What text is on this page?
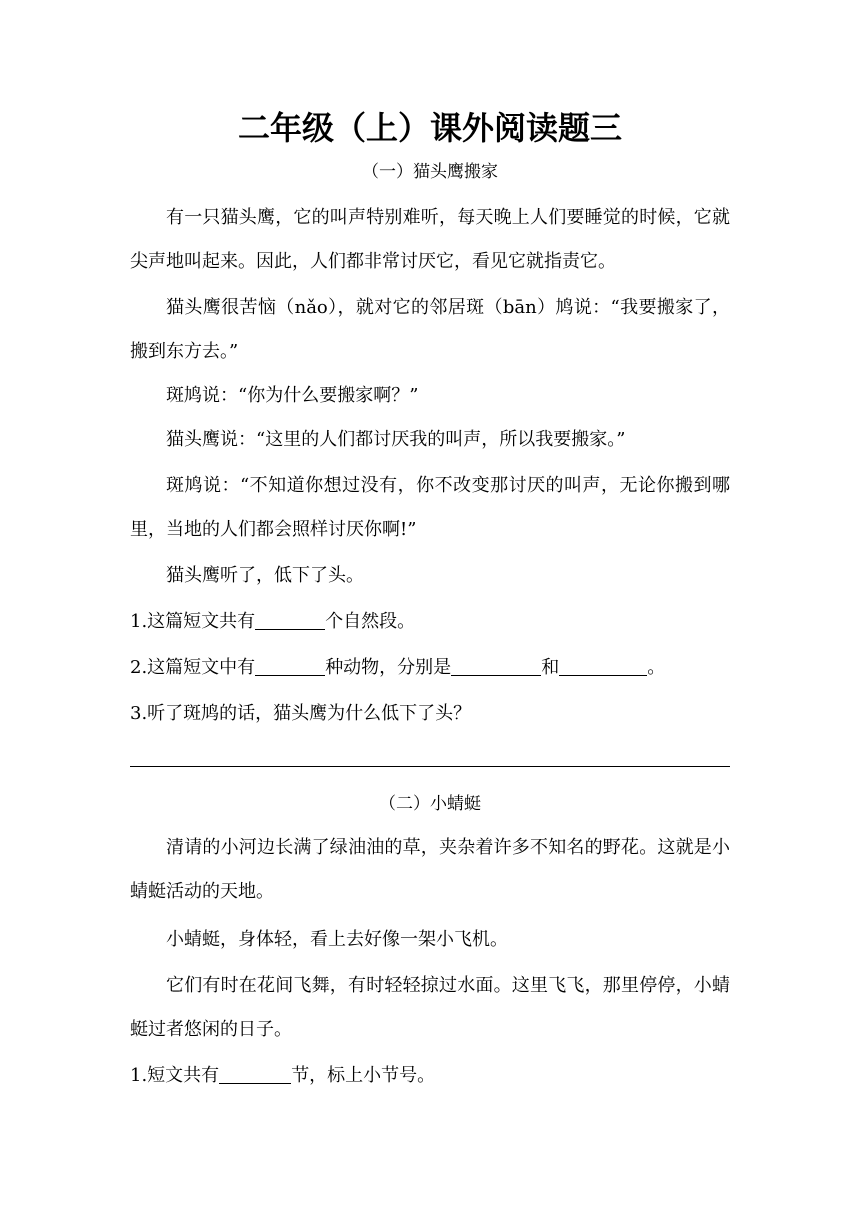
二年级（上）课外阅读题三
（一）猫头鹰搬家

有一只猫头鹰，它的叫声特别难听，每天晚上人们要睡觉的时候，它就尖声地叫起来。因此，人们都非常讨厌它，看见它就指责它。

猫头鹰很苦恼（nǎo），就对它的邻居斑（bān）鸠说：“我要搬家了，搬到东方去。”

斑鸠说：“你为什么要搬家啊？”

猫头鹰说：“这里的人们都讨厌我的叫声，所以我要搬家。”

斑鸠说：“不知道你想过没有，你不改变那讨厌的叫声，无论你搬到哪里，当地的人们都会照样讨厌你啊!”

猫头鹰听了，低下了头。

1.这篇短文共有	个自然段。
2.这篇短文中有	种动物，分别是	和	。
3.听了斑鸠的话，猫头鹰为什么低下了头？
（二）小蜻蜓

清请的小河边长满了绿油油的草，夹杂着许多不知名的野花。这就是小蜻蜓活动的天地。

小蜻蜓，身体轻，看上去好像一架小飞机。

它们有时在花间飞舞，有时轻轻掠过水面。这里飞飞，那里停停，小蜻蜓过者悠闲的日子。

1.短文共有	节，标上小节号。
